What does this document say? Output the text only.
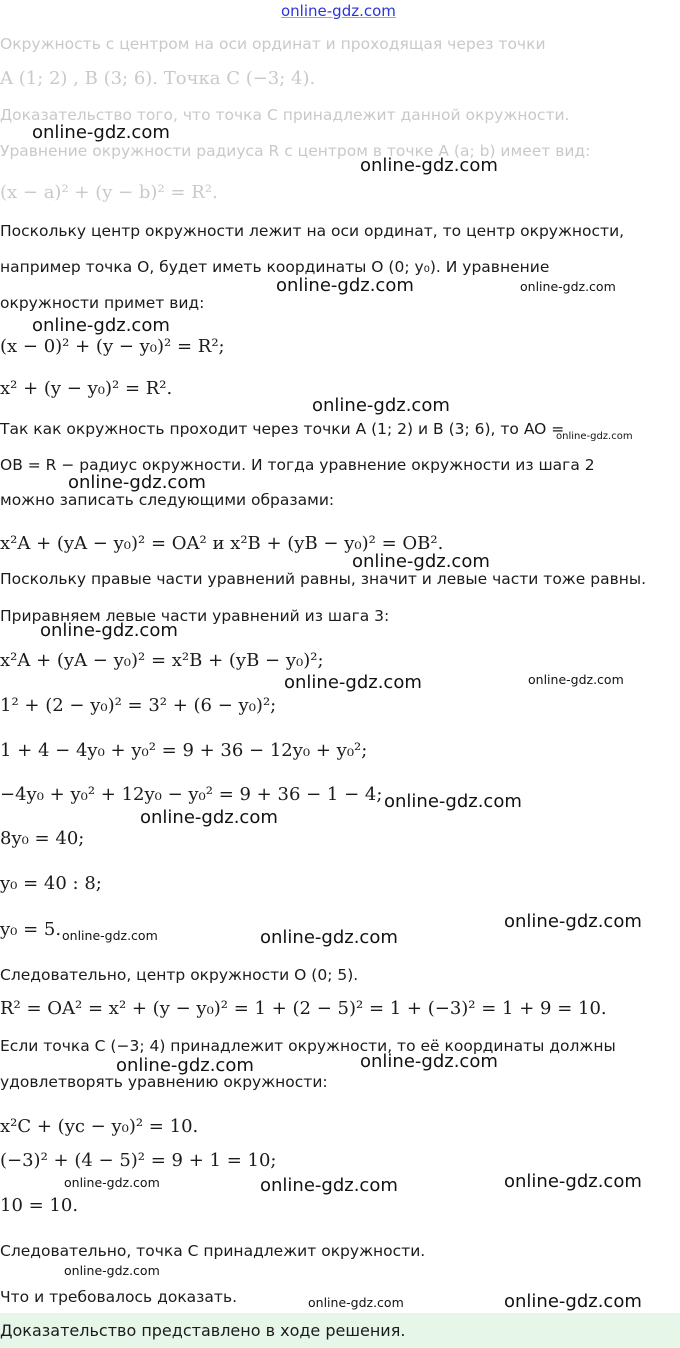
online-gdz.com
Окружность с центром на оси ординат и проходящая через точки
A (1; 2) , B (3; 6). Точка C (−3; 4).
Доказательство того, что точка C принадлежит данной окружности.
Уравнение окружности радиуса R с центром в точке A (a; b) имеет вид:
(x − a)² + (y − b)² = R².
Поскольку центр окружности лежит на оси ординат, то центр окружности,
например точка O, будет иметь координаты O (0; y₀). И уравнение
окружности примет вид:
(x − 0)² + (y − y₀)² = R²;
x² + (y − y₀)² = R².
Так как окружность проходит через точки A (1; 2) и B (3; 6), то AO =
OB = R − радиус окружности. И тогда уравнение окружности из шага 2
можно записать следующими образами:
x²A + (yA − y₀)² = OA² и x²B + (yB − y₀)² = OB².
Поскольку правые части уравнений равны, значит и левые части тоже равны.
Приравняем левые части уравнений из шага 3:
x²A + (yA − y₀)² = x²B + (yB − y₀)²;
1² + (2 − y₀)² = 3² + (6 − y₀)²;
1 + 4 − 4y₀ + y₀² = 9 + 36 − 12y₀ + y₀²;
−4y₀ + y₀² + 12y₀ − y₀² = 9 + 36 − 1 − 4;
8y₀ = 40;
y₀ = 40 : 8;
y₀ = 5.
Следовательно, центр окружности O (0; 5).
R² = OA² = x² + (y − y₀)² = 1 + (2 − 5)² = 1 + (−3)² = 1 + 9 = 10.
Если точка C (−3; 4) принадлежит окружности, то её координаты должны
удовлетворять уравнению окружности:
x²C + (yc − y₀)² = 10.
(−3)² + (4 − 5)² = 9 + 1 = 10;
10 = 10.
Следовательно, точка C принадлежит окружности.
Что и требовалось доказать.
Доказательство представлено в ходе решения.
online-gdz.com
online-gdz.com
online-gdz.com	online-gdz.com
online-gdz.com
online-gdz.com
online-gdz.com
online-gdz.com
online-gdz.com
online-gdz.com
online-gdz.com	online-gdz.com
online-gdz.com
online-gdz.com
online-gdz.com
online-gdz.com	online-gdz.com
online-gdz.com	online-gdz.com
online-gdz.com	online-gdz.com	online-gdz.com
online-gdz.com
online-gdz.com	online-gdz.com
